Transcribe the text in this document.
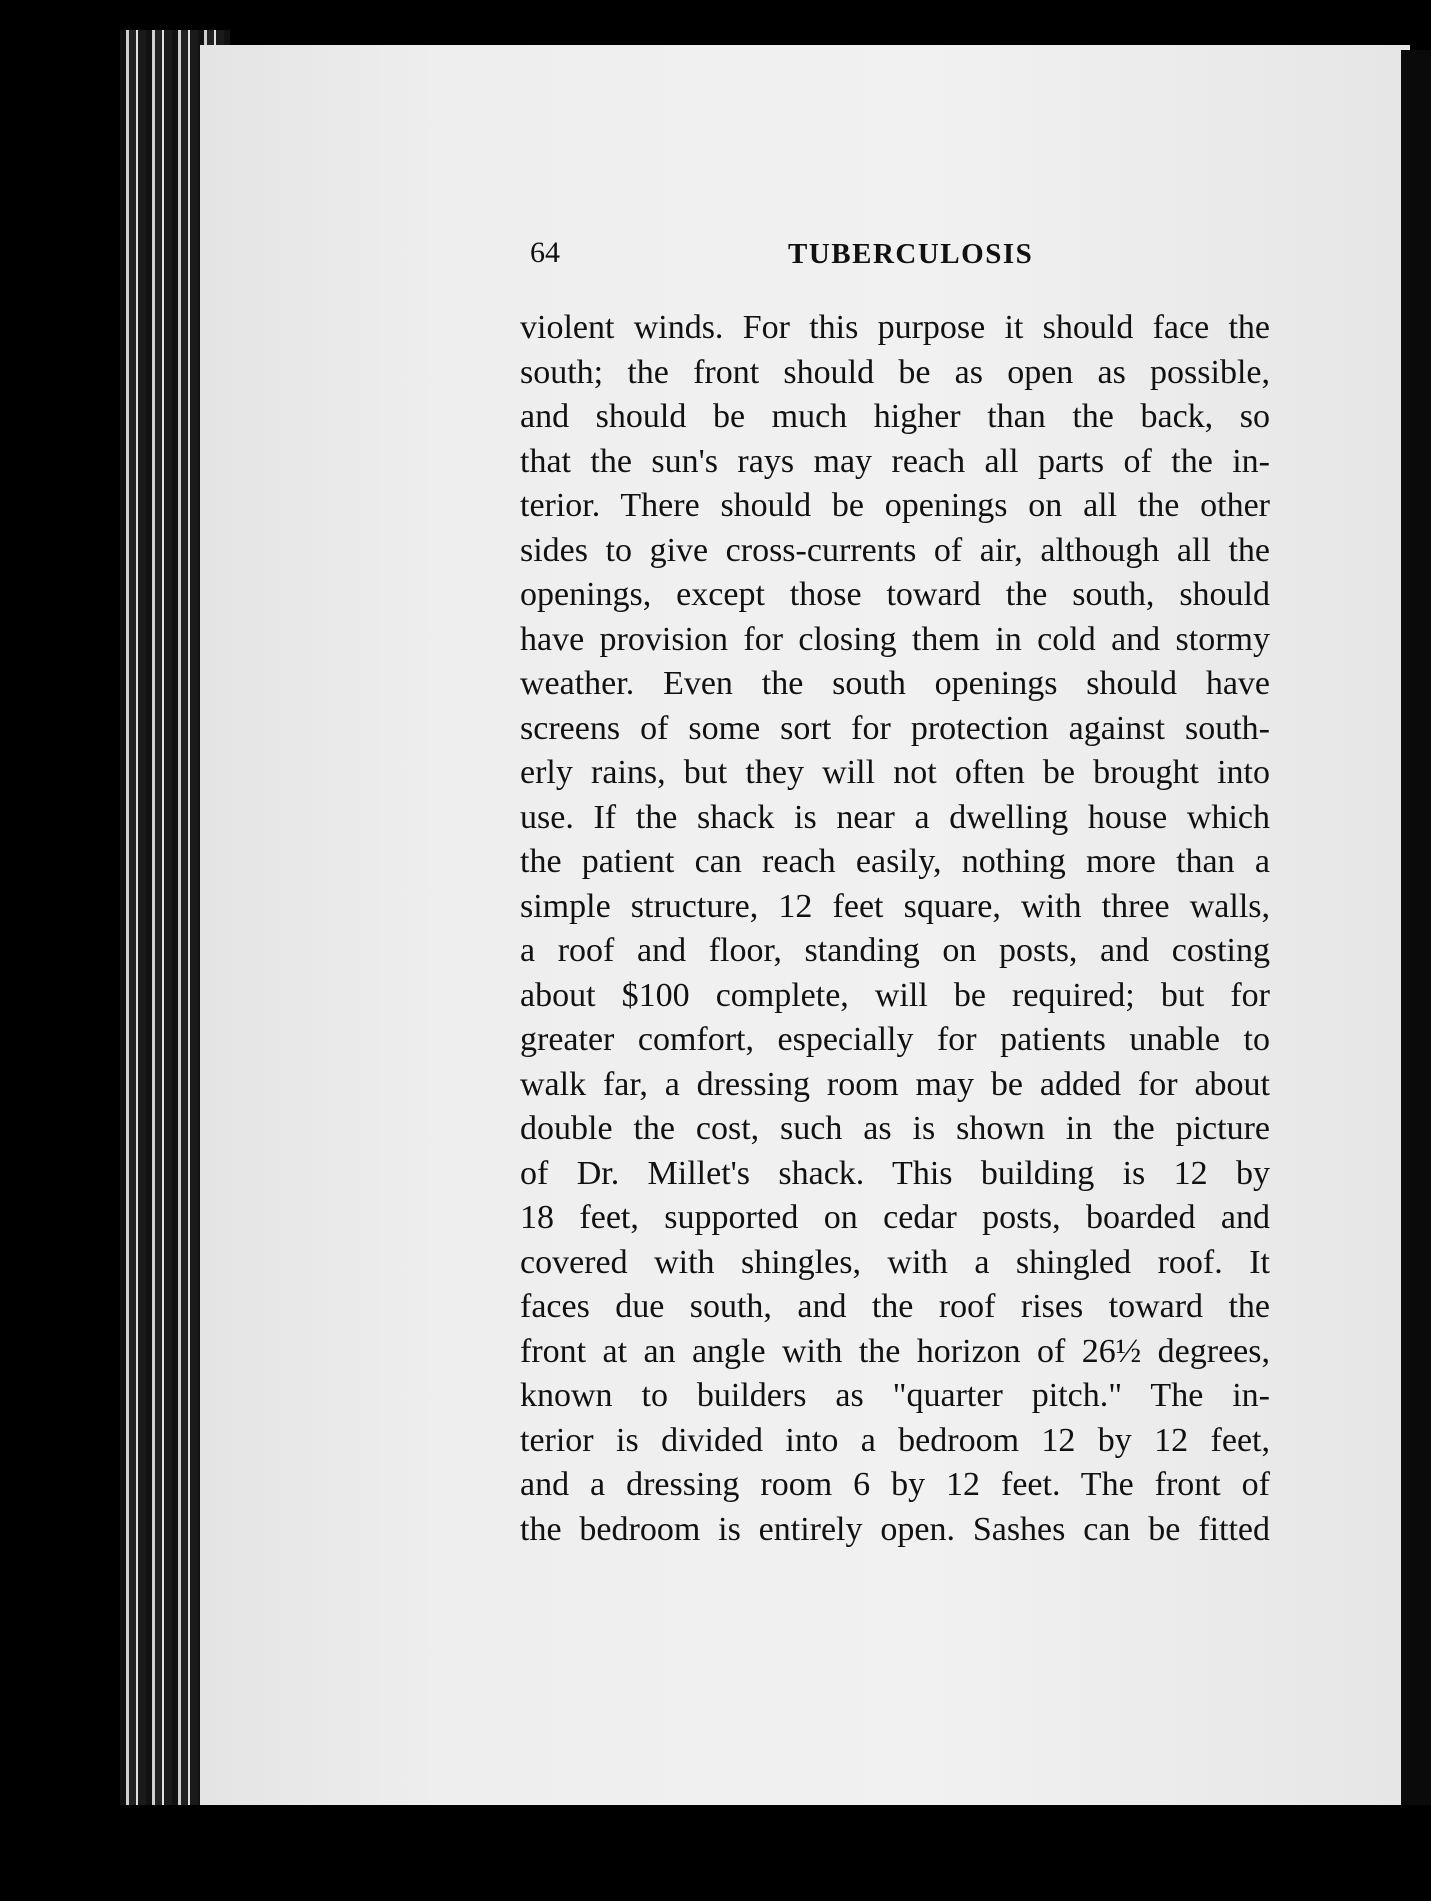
64	TUBERCULOSIS
violent winds. For this purpose it should face the
south; the front should be as open as possible,
and should be much higher than the back, so
that the sun's rays may reach all parts of the in-
terior. There should be openings on all the other
sides to give cross-currents of air, although all the
openings, except those toward the south, should
have provision for closing them in cold and stormy
weather. Even the south openings should have
screens of some sort for protection against south-
erly rains, but they will not often be brought into
use. If the shack is near a dwelling house which
the patient can reach easily, nothing more than a
simple structure, 12 feet square, with three walls,
a roof and floor, standing on posts, and costing
about $100 complete, will be required; but for
greater comfort, especially for patients unable to
walk far, a dressing room may be added for about
double the cost, such as is shown in the picture
of Dr. Millet's shack. This building is 12 by
18 feet, supported on cedar posts, boarded and
covered with shingles, with a shingled roof. It
faces due south, and the roof rises toward the
front at an angle with the horizon of 26½ degrees,
known to builders as "quarter pitch." The in-
terior is divided into a bedroom 12 by 12 feet,
and a dressing room 6 by 12 feet. The front of
the bedroom is entirely open. Sashes can be fitted
